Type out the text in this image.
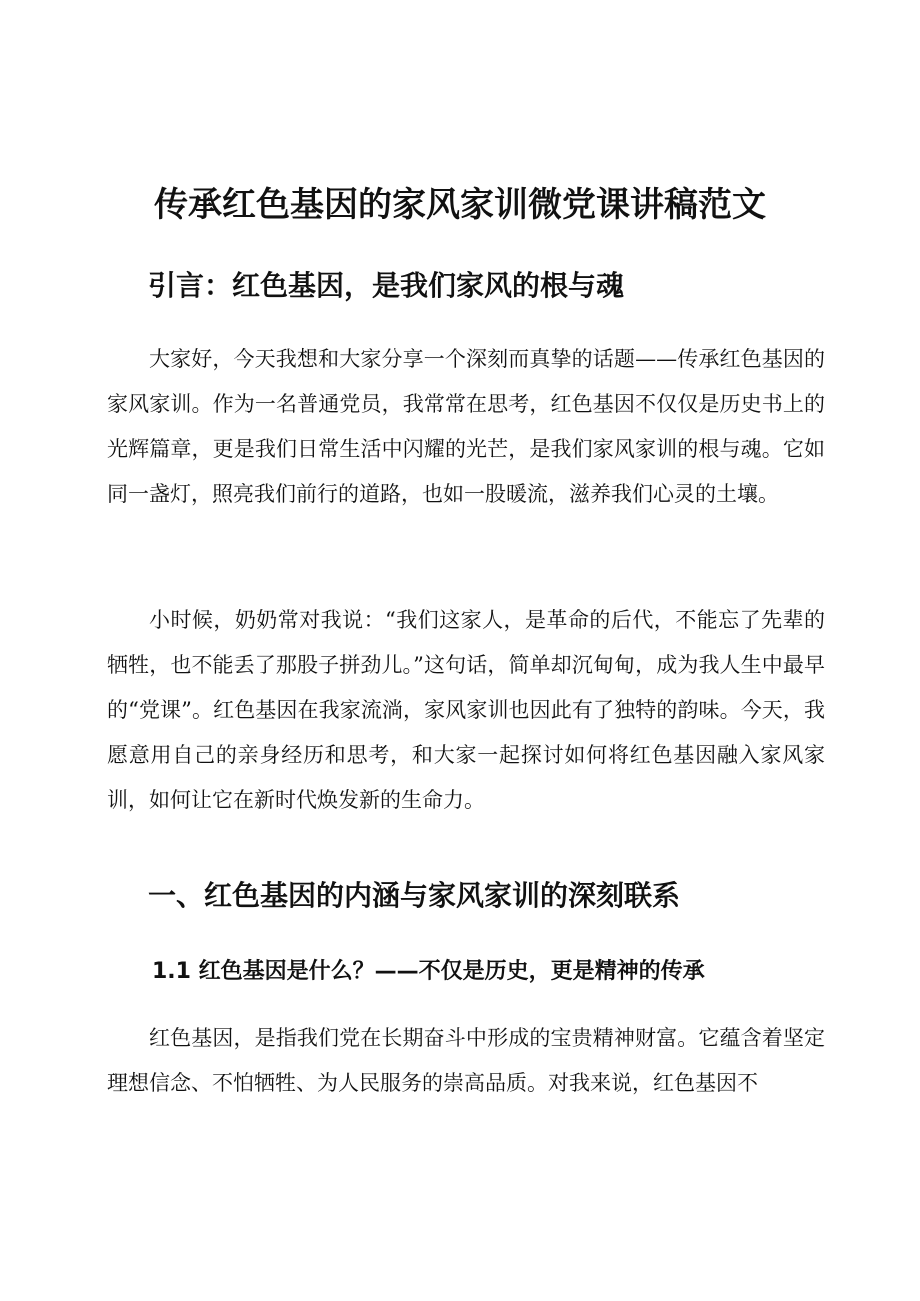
传承红色基因的家风家训微党课讲稿范文
引言：红色基因，是我们家风的根与魂

大家好，今天我想和大家分享一个深刻而真挚的话题——传承红色基因的家风家训。作为一名普通党员，我常常在思考，红色基因不仅仅是历史书上的光辉篇章，更是我们日常生活中闪耀的光芒，是我们家风家训的根与魂。它如同一盏灯，照亮我们前行的道路，也如一股暖流，滋养我们心灵的土壤。

小时候，奶奶常对我说：“我们这家人，是革命的后代，不能忘了先辈的牺牲，也不能丢了那股子拼劲儿。”这句话，简单却沉甸甸，成为我人生中最早的“党课”。红色基因在我家流淌，家风家训也因此有了独特的韵味。今天，我愿意用自己的亲身经历和思考，和大家一起探讨如何将红色基因融入家风家训，如何让它在新时代焕发新的生命力。

一、红色基因的内涵与家风家训的深刻联系
1.1 红色基因是什么？——不仅是历史，更是精神的传承

红色基因，是指我们党在长期奋斗中形成的宝贵精神财富。它蕴含着坚定理想信念、不怕牺牲、为人民服务的崇高品质。对我来说，红色基因不
